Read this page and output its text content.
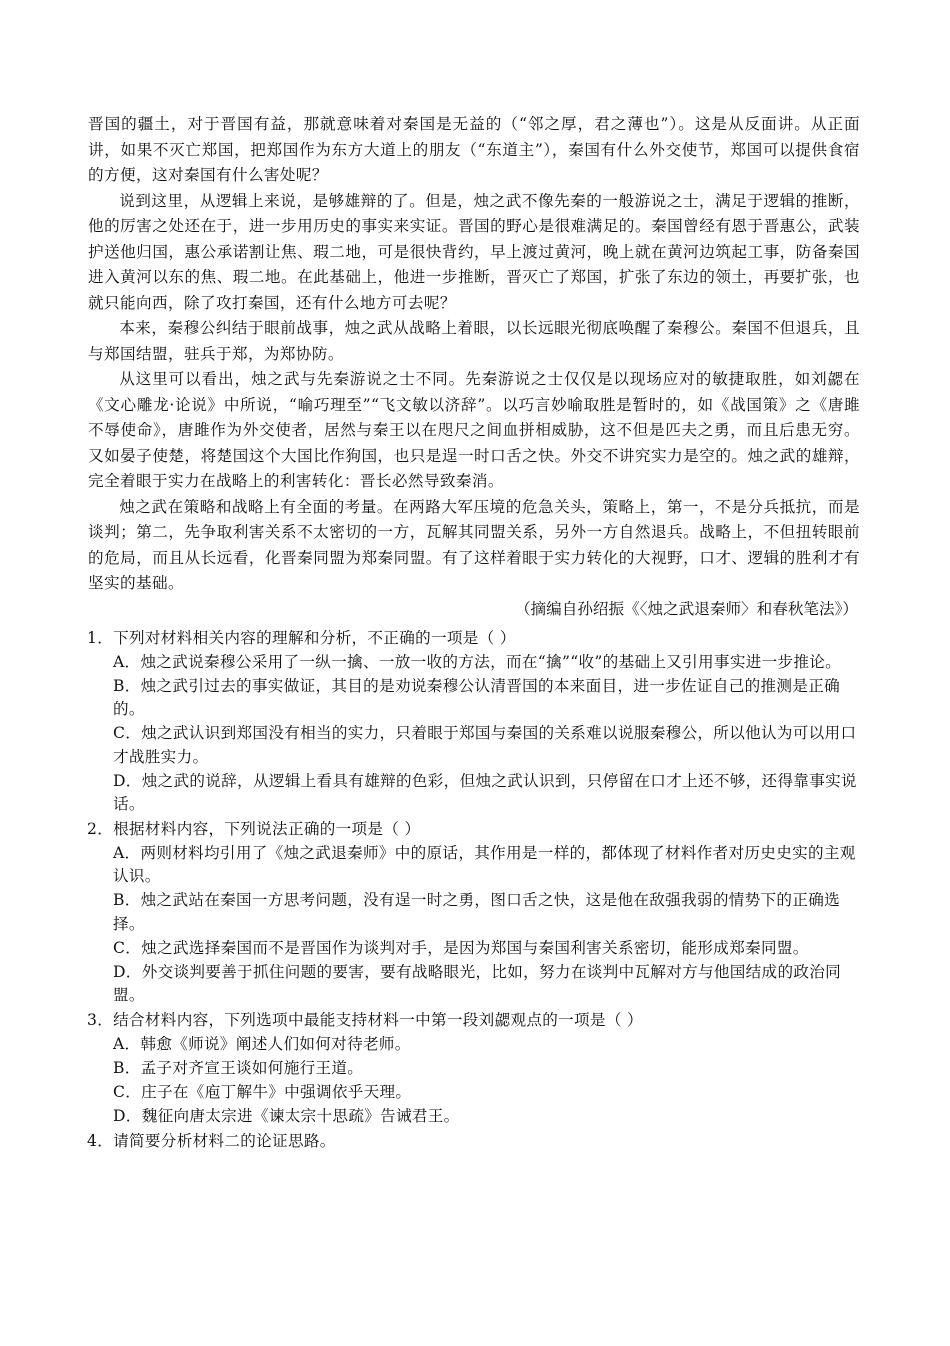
晋国的疆土，对于晋国有益，那就意味着对秦国是无益的（“邻之厚，君之薄也”）。这是从反面讲。从正面讲，如果不灭亡郑国，把郑国作为东方大道上的朋友（“东道主”），秦国有什么外交使节，郑国可以提供食宿的方便，这对秦国有什么害处呢？

说到这里，从逻辑上来说，是够雄辩的了。但是，烛之武不像先秦的一般游说之士，满足于逻辑的推断，他的厉害之处还在于，进一步用历史的事实来实证。晋国的野心是很难满足的。秦国曾经有恩于晋惠公，武装护送他归国，惠公承诺割让焦、瑕二地，可是很快背约，早上渡过黄河，晚上就在黄河边筑起工事，防备秦国进入黄河以东的焦、瑕二地。在此基础上，他进一步推断，晋灭亡了郑国，扩张了东边的领土，再要扩张，也就只能向西，除了攻打秦国，还有什么地方可去呢？

本来，秦穆公纠结于眼前战事，烛之武从战略上着眼，以长远眼光彻底唤醒了秦穆公。秦国不但退兵，且与郑国结盟，驻兵于郑，为郑协防。

从这里可以看出，烛之武与先秦游说之士不同。先秦游说之士仅仅是以现场应对的敏捷取胜，如刘勰在《文心雕龙·论说》中所说，“喻巧理至”“飞文敏以济辞”。以巧言妙喻取胜是暂时的，如《战国策》之《唐雎不辱使命》，唐雎作为外交使者，居然与秦王以在咫尺之间血拼相威胁，这不但是匹夫之勇，而且后患无穷。又如晏子使楚，将楚国这个大国比作狗国，也只是逞一时口舌之快。外交不讲究实力是空的。烛之武的雄辩，完全着眼于实力在战略上的利害转化：晋长必然导致秦消。

烛之武在策略和战略上有全面的考量。在两路大军压境的危急关头，策略上，第一，不是分兵抵抗，而是谈判；第二，先争取利害关系不太密切的一方，瓦解其同盟关系，另外一方自然退兵。战略上，不但扭转眼前的危局，而且从长远看，化晋秦同盟为郑秦同盟。有了这样着眼于实力转化的大视野，口才、逻辑的胜利才有坚实的基础。

（摘编自孙绍振《〈烛之武退秦师〉和春秋笔法》）

1．下列对材料相关内容的理解和分析，不正确的一项是（ ）

A．烛之武说秦穆公采用了一纵一擒、一放一收的方法，而在“擒”“收”的基础上又引用事实进一步推论。

B．烛之武引过去的事实做证，其目的是劝说秦穆公认清晋国的本来面目，进一步佐证自己的推测是正确的。

C．烛之武认识到郑国没有相当的实力，只着眼于郑国与秦国的关系难以说服秦穆公，所以他认为可以用口才战胜实力。

D．烛之武的说辞，从逻辑上看具有雄辩的色彩，但烛之武认识到，只停留在口才上还不够，还得靠事实说话。

2．根据材料内容，下列说法正确的一项是（ ）

A．两则材料均引用了《烛之武退秦师》中的原话，其作用是一样的，都体现了材料作者对历史史实的主观认识。

B．烛之武站在秦国一方思考问题，没有逞一时之勇，图口舌之快，这是他在敌强我弱的情势下的正确选择。

C．烛之武选择秦国而不是晋国作为谈判对手，是因为郑国与秦国利害关系密切，能形成郑秦同盟。

D．外交谈判要善于抓住问题的要害，要有战略眼光，比如，努力在谈判中瓦解对方与他国结成的政治同盟。

3．结合材料内容，下列选项中最能支持材料一中第一段刘勰观点的一项是（ ）

A．韩愈《师说》阐述人们如何对待老师。

B．孟子对齐宣王谈如何施行王道。

C．庄子在《庖丁解牛》中强调依乎天理。

D．魏征向唐太宗进《谏太宗十思疏》告诫君王。

4．请简要分析材料二的论证思路。
